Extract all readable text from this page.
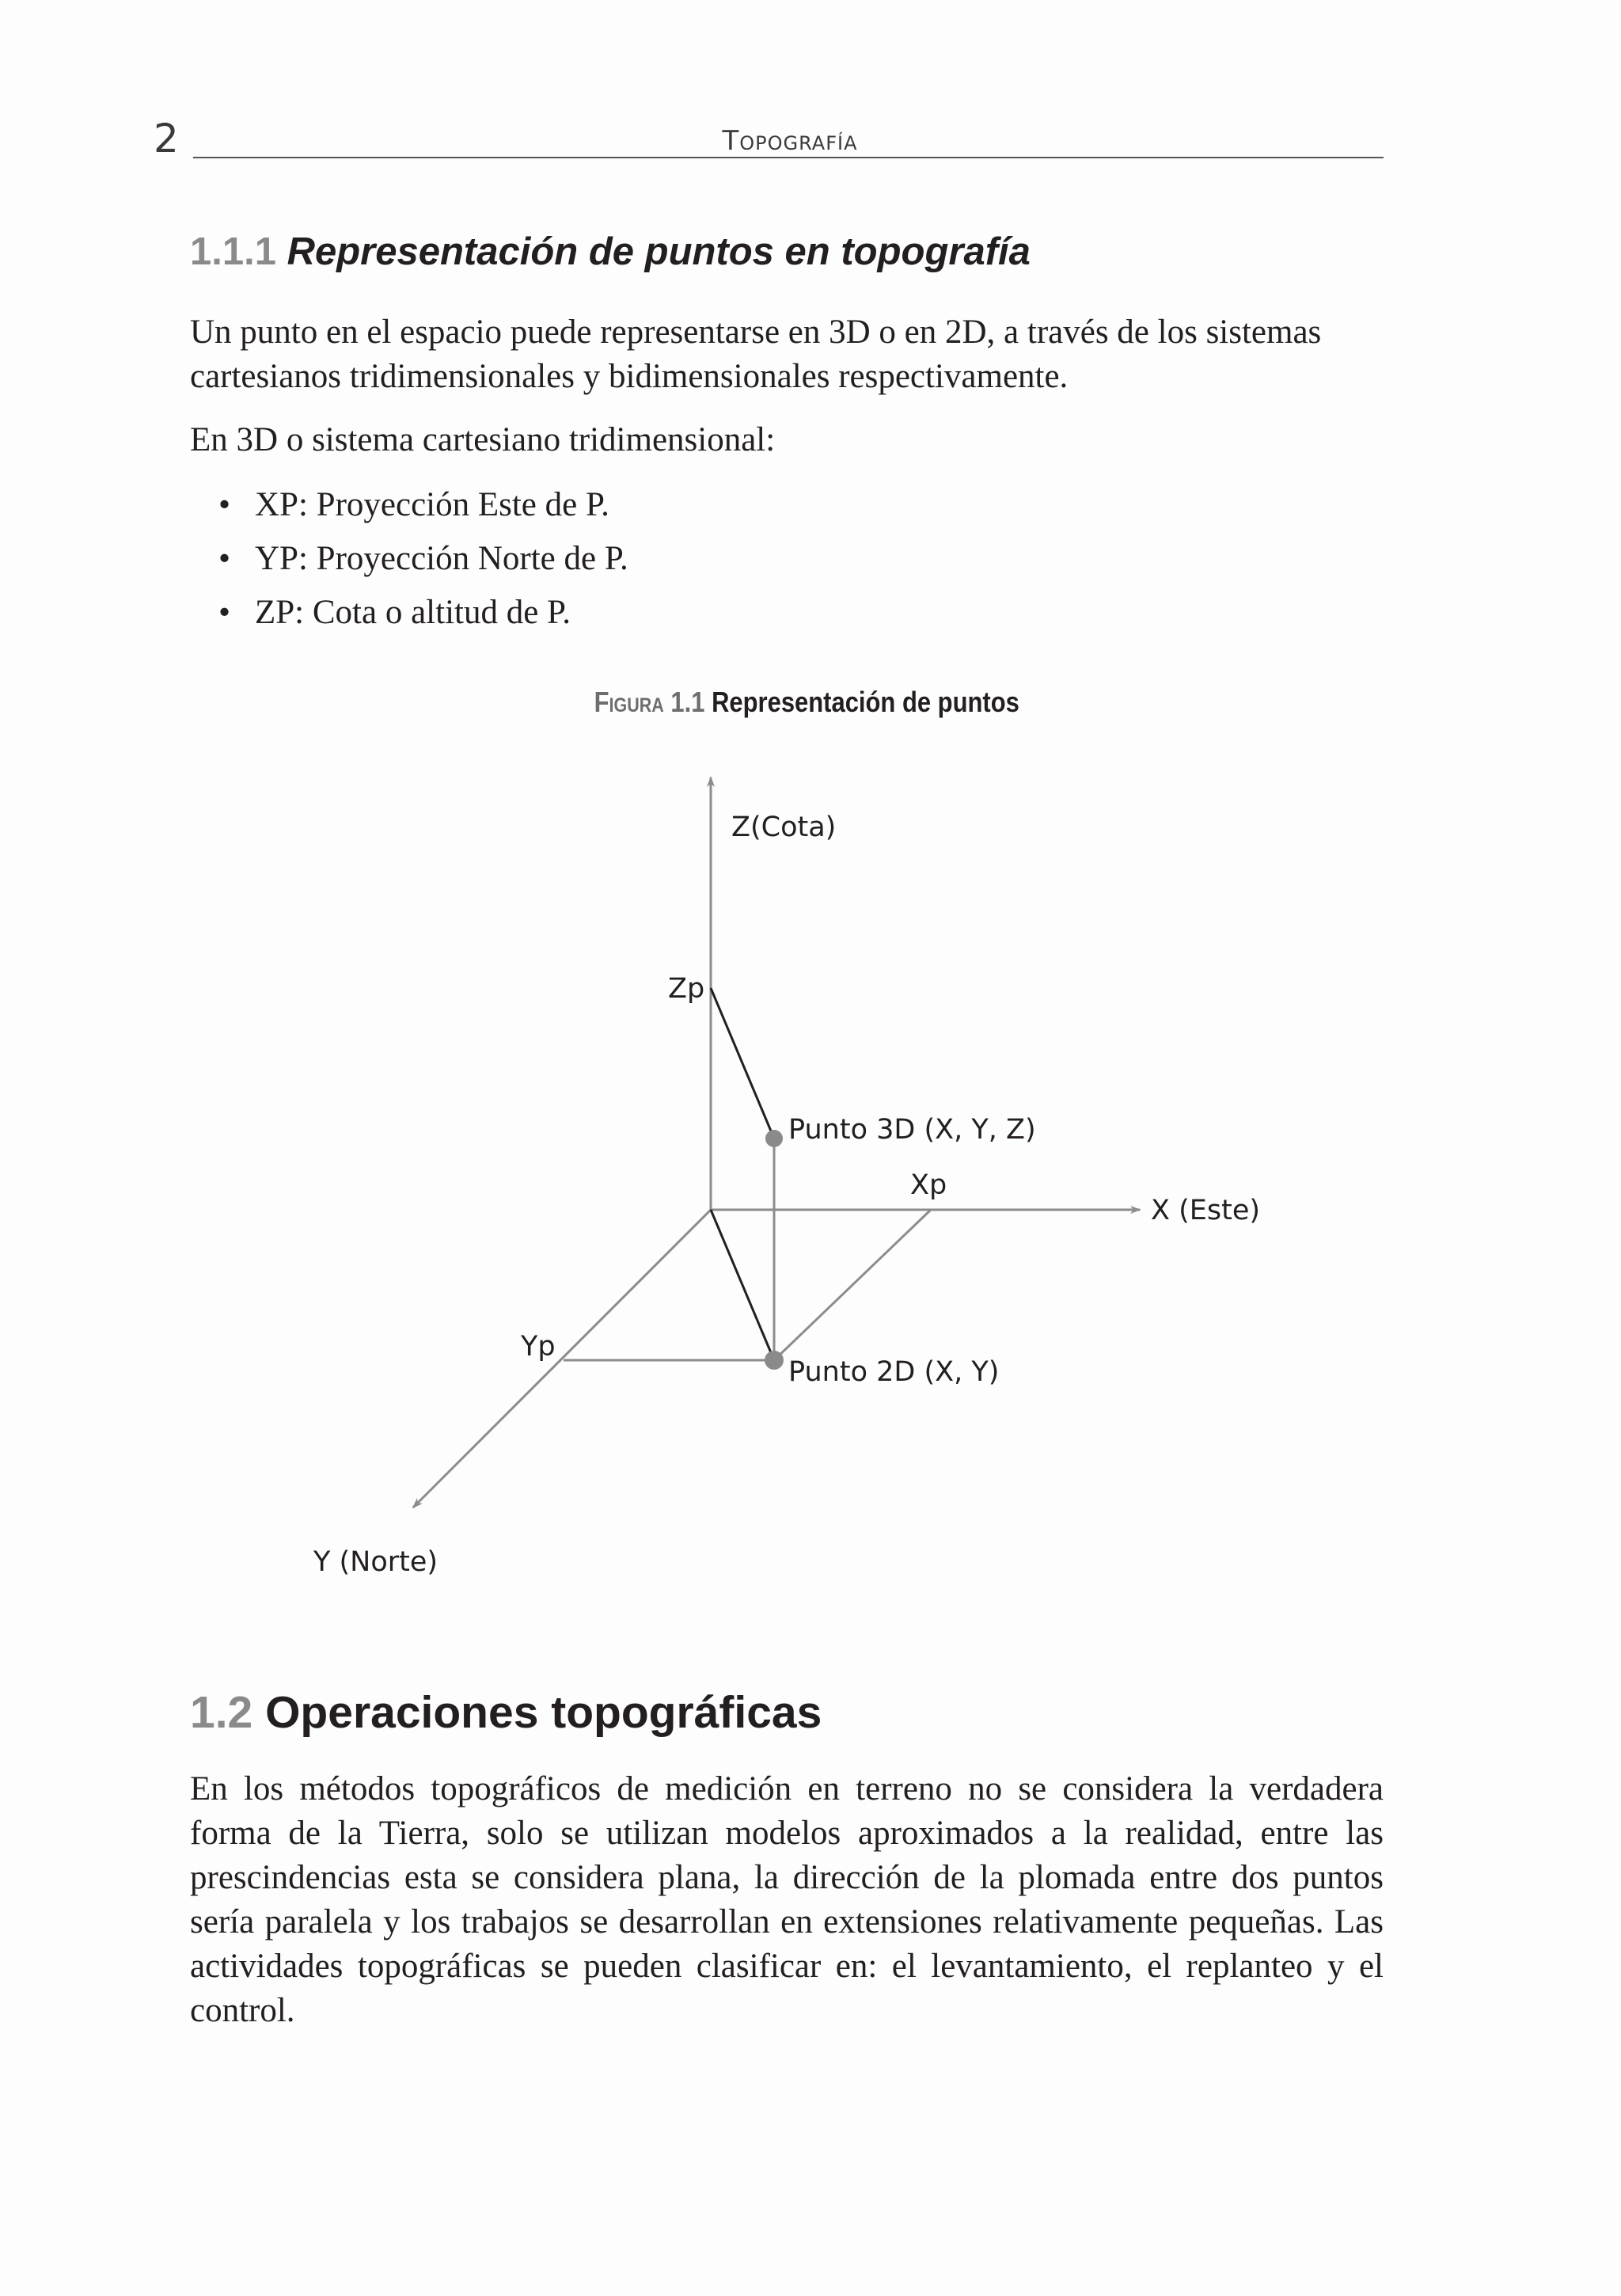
2	Topografía
1.1.1 Representación de puntos en topografía

Un punto en el espacio puede representarse en 3D o en 2D, a través de los sistemas cartesianos tridimensionales y bidimensionales respectivamente.

En 3D o sistema cartesiano tridimensional:

• XP: Proyección Este de P.
• YP: Proyección Norte de P.
• ZP: Cota o altitud de P.
Figura 1.1 Representación de puntos
Z(Cota)
Zp
Punto 3D (X, Y, Z)
Xp
X (Este)
Yp
Punto 2D (X, Y)
Y (Norte)
1.2 Operaciones topográficas

En los métodos topográficos de medición en terreno no se considera la verdadera forma de la Tierra, solo se utilizan modelos aproximados a la realidad, entre las prescindencias esta se considera plana, la dirección de la plomada entre dos puntos sería paralela y los trabajos se desarrollan en extensiones relativamente pequeñas. Las actividades topográficas se pueden clasificar en: el levantamiento, el replanteo y el control.
